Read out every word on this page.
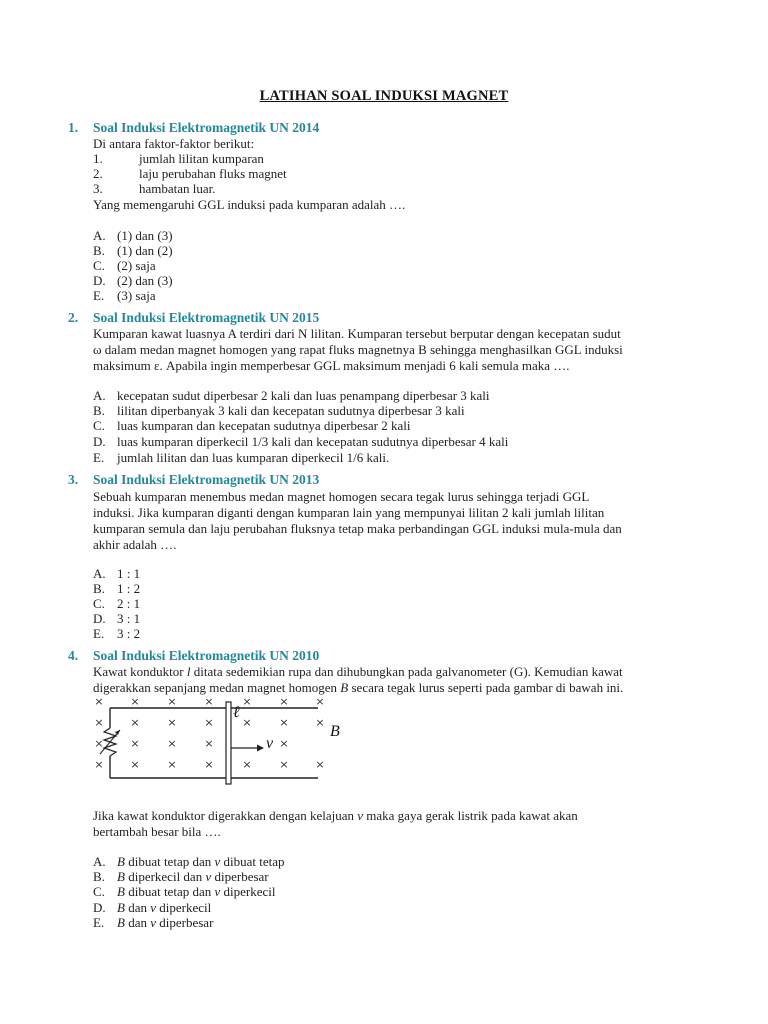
LATIHAN SOAL INDUKSI MAGNET
1. Soal Induksi Elektromagnetik UN 2014
Di antara faktor-faktor berikut:
1.	jumlah lilitan kumparan
2.	laju perubahan fluks magnet
3.	hambatan luar.
Yang memengaruhi GGL induksi pada kumparan adalah ….
A. (1) dan (3)
B. (1) dan (2)
C. (2) saja
D. (2) dan (3)
E. (3) saja
2. Soal Induksi Elektromagnetik UN 2015
Kumparan kawat luasnya A terdiri dari N lilitan. Kumparan tersebut berputar dengan kecepatan sudut
ω dalam medan magnet homogen yang rapat fluks magnetnya B sehingga menghasilkan GGL induksi
maksimum ε. Apabila ingin memperbesar GGL maksimum menjadi 6 kali semula maka ….
A. kecepatan sudut diperbesar 2 kali dan luas penampang diperbesar 3 kali
B. lilitan diperbanyak 3 kali dan kecepatan sudutnya diperbesar 3 kali
C. luas kumparan dan kecepatan sudutnya diperbesar 2 kali
D. luas kumparan diperkecil 1/3 kali dan kecepatan sudutnya diperbesar 4 kali
E. jumlah lilitan dan luas kumparan diperkecil 1/6 kali.
3. Soal Induksi Elektromagnetik UN 2013
Sebuah kumparan menembus medan magnet homogen secara tegak lurus sehingga terjadi GGL
induksi. Jika kumparan diganti dengan kumparan lain yang mempunyai lilitan 2 kali jumlah lilitan
kumparan semula dan laju perubahan fluksnya tetap maka perbandingan GGL induksi mula-mula dan
akhir adalah ….
A. 1 : 1
B. 1 : 2
C. 2 : 1
D. 3 : 1
E. 3 : 2
4. Soal Induksi Elektromagnetik UN 2010
Kawat konduktor l ditata sedemikian rupa dan dihubungkan pada galvanometer (G). Kemudian kawat
digerakkan sepanjang medan magnet homogen B secara tegak lurus seperti pada gambar di bawah ini.
× ×	×	×	×	× ×
× ×	×	×	×	× ×
× ×	×	×	×
× ×	×	×	×	× ×
ℓ
v
B
Jika kawat konduktor digerakkan dengan kelajuan v maka gaya gerak listrik pada kawat akan
bertambah besar bila ….
A. B dibuat tetap dan v dibuat tetap
B. B diperkecil dan v diperbesar
C. B dibuat tetap dan v diperkecil
D. B dan v diperkecil
E. B dan v diperbesar
